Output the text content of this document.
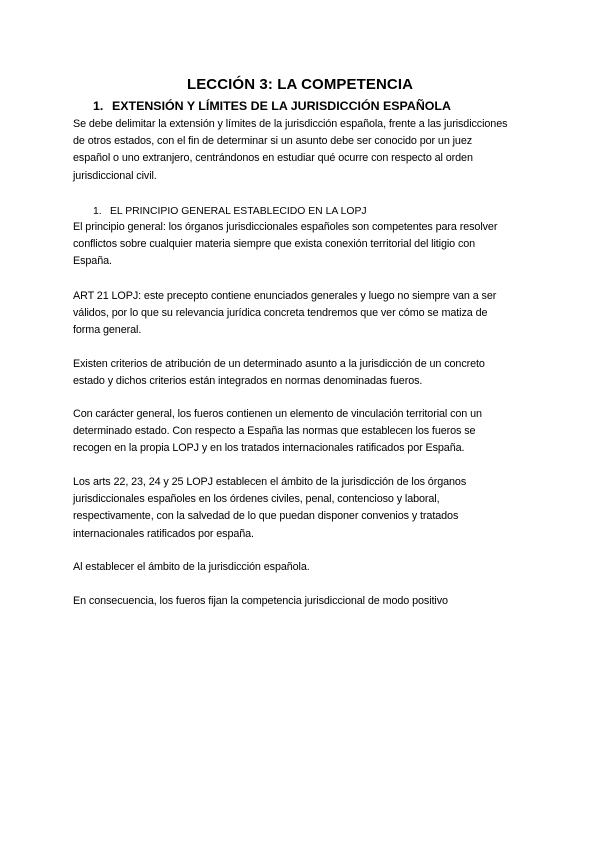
LECCIÓN 3: LA COMPETENCIA
1. EXTENSIÓN Y LÍMITES DE LA JURISDICCIÓN ESPAÑOLA
Se debe delimitar la extensión y límites de la jurisdicción española, frente a las jurisdicciones
de otros estados, con el fin de determinar si un asunto debe ser conocido por un juez
español o uno extranjero, centrándonos en estudiar qué ocurre con respecto al orden
jurisdiccional civil.
1. EL PRINCIPIO GENERAL ESTABLECIDO EN LA LOPJ
El principio general: los órganos jurisdiccionales españoles son competentes para resolver
conflictos sobre cualquier materia siempre que exista conexión territorial del litigio con
España.
ART 21 LOPJ: este precepto contiene enunciados generales y luego no siempre van a ser
válidos, por lo que su relevancia jurídica concreta tendremos que ver cómo se matiza de
forma general.
Existen criterios de atribución de un determinado asunto a la jurisdicción de un concreto
estado y dichos criterios están integrados en normas denominadas fueros.
Con carácter general, los fueros contienen un elemento de vinculación territorial con un
determinado estado. Con respecto a España las normas que establecen los fueros se
recogen en la propia LOPJ y en los tratados internacionales ratificados por España.
Los arts 22, 23, 24 y 25 LOPJ establecen el ámbito de la jurisdicción de los órganos
jurisdiccionales españoles en los órdenes civiles, penal, contencioso y laboral,
respectivamente, con la salvedad de lo que puedan disponer convenios y tratados
internacionales ratificados por españa.
Al establecer el ámbito de la jurisdicción española.
En consecuencia, los fueros fijan la competencia jurisdiccional de modo positivo
